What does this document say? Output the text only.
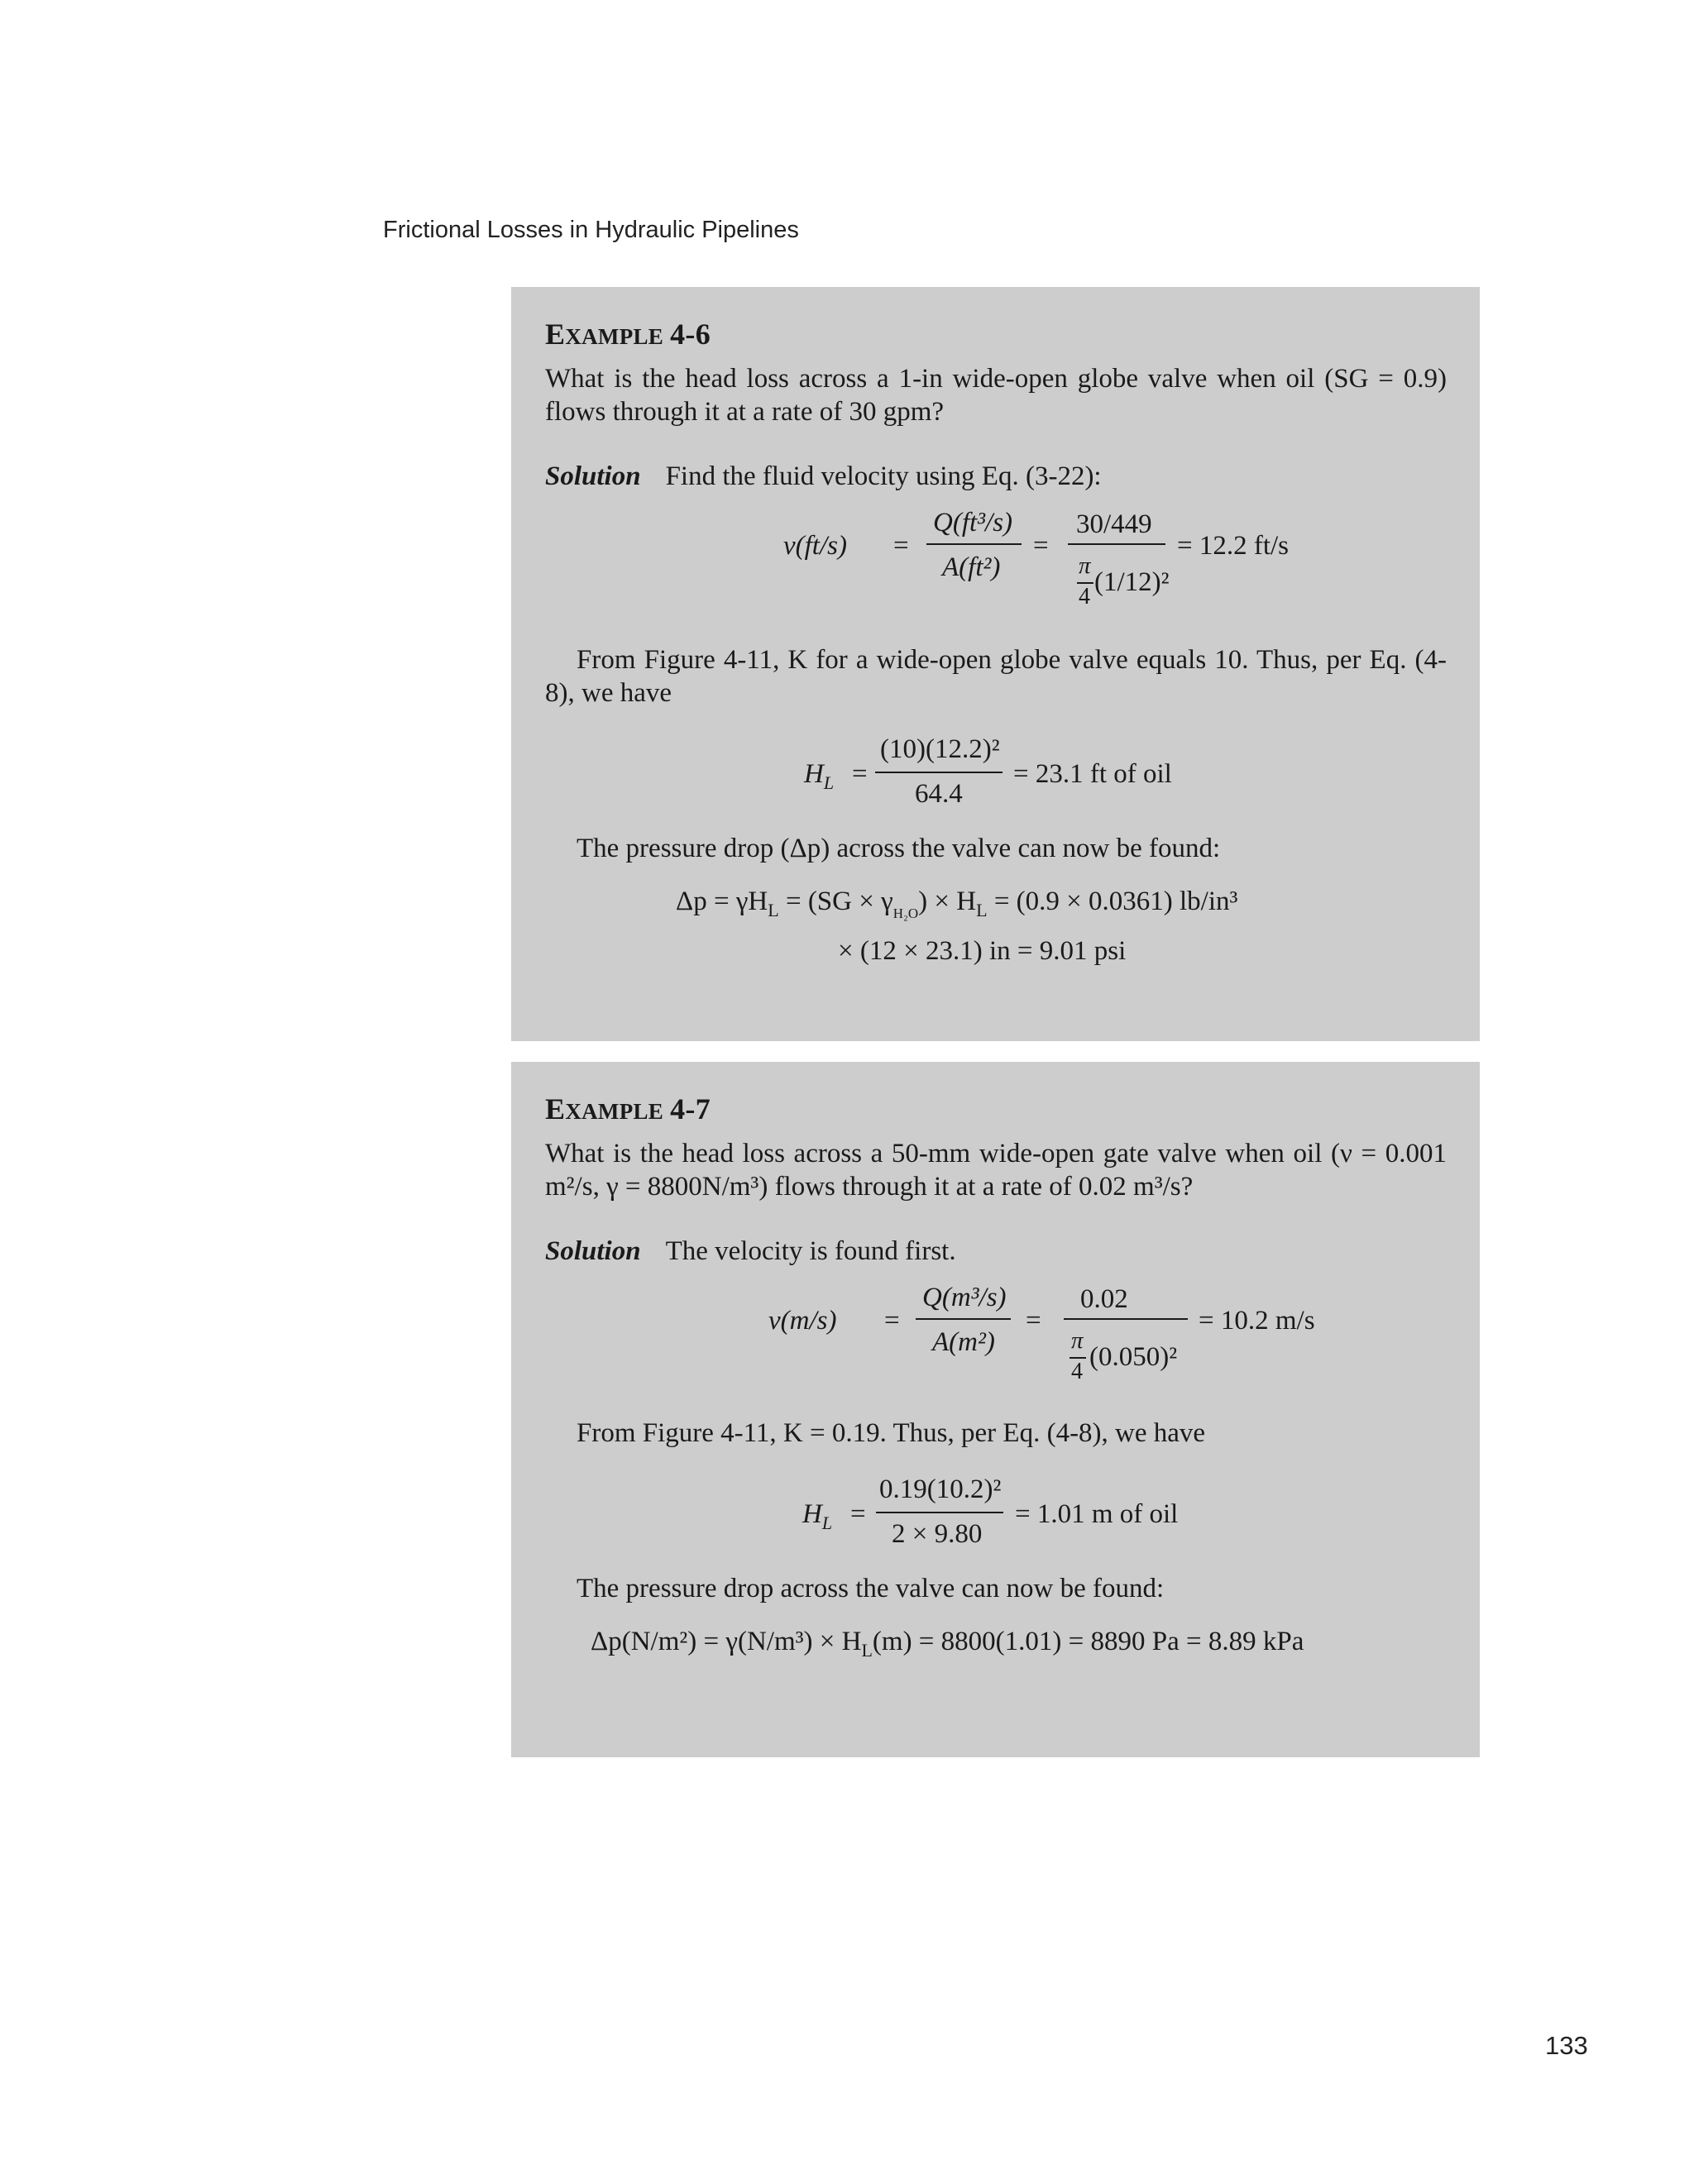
Frictional Losses in Hydraulic Pipelines
EXAMPLE 4-6

What is the head loss across a 1-in wide-open globe valve when oil (SG = 0.9) flows through it at a rate of 30 gpm?

Solution Find the fluid velocity using Eq. (3-22):

v(ft/s) =
Q(ft³/s)
A(ft²)
=
30/449
π
4 (1/12)²
= 12.2 ft/s

From Figure 4-11, K for a wide-open globe valve equals 10. Thus, per Eq. (4-8), we have

$H_L$ =
(10)(12.2)²
64.4
= 23.1 ft of oil

The pressure drop (Δp) across the valve can now be found:

$\Delta p = \gamma H_L = (SG \times \gamma_{H_2O}) \times H_L = (0.9 \times 0.0361)$ lb/in³
× (12 × 23.1) in = 9.01 psi
EXAMPLE 4-7

What is the head loss across a 50-mm wide-open gate valve when oil (ν = 0.001 m²/s, γ = 8800N/m³) flows through it at a rate of 0.02 m³/s?

Solution The velocity is found first.

v(m/s) =
Q(m³/s)
A(m²)
=
0.02
π
4 (0.050)²
= 10.2 m/s

From Figure 4-11, K = 0.19. Thus, per Eq. (4-8), we have

$H_L$ =
0.19(10.2)²
2 × 9.80
= 1.01 m of oil

The pressure drop across the valve can now be found:

$\Delta p(N/m^2) = \gamma(N/m^3) \times H_L(m) = 8800(1.01) = 8890$ Pa = 8.89 kPa
133
